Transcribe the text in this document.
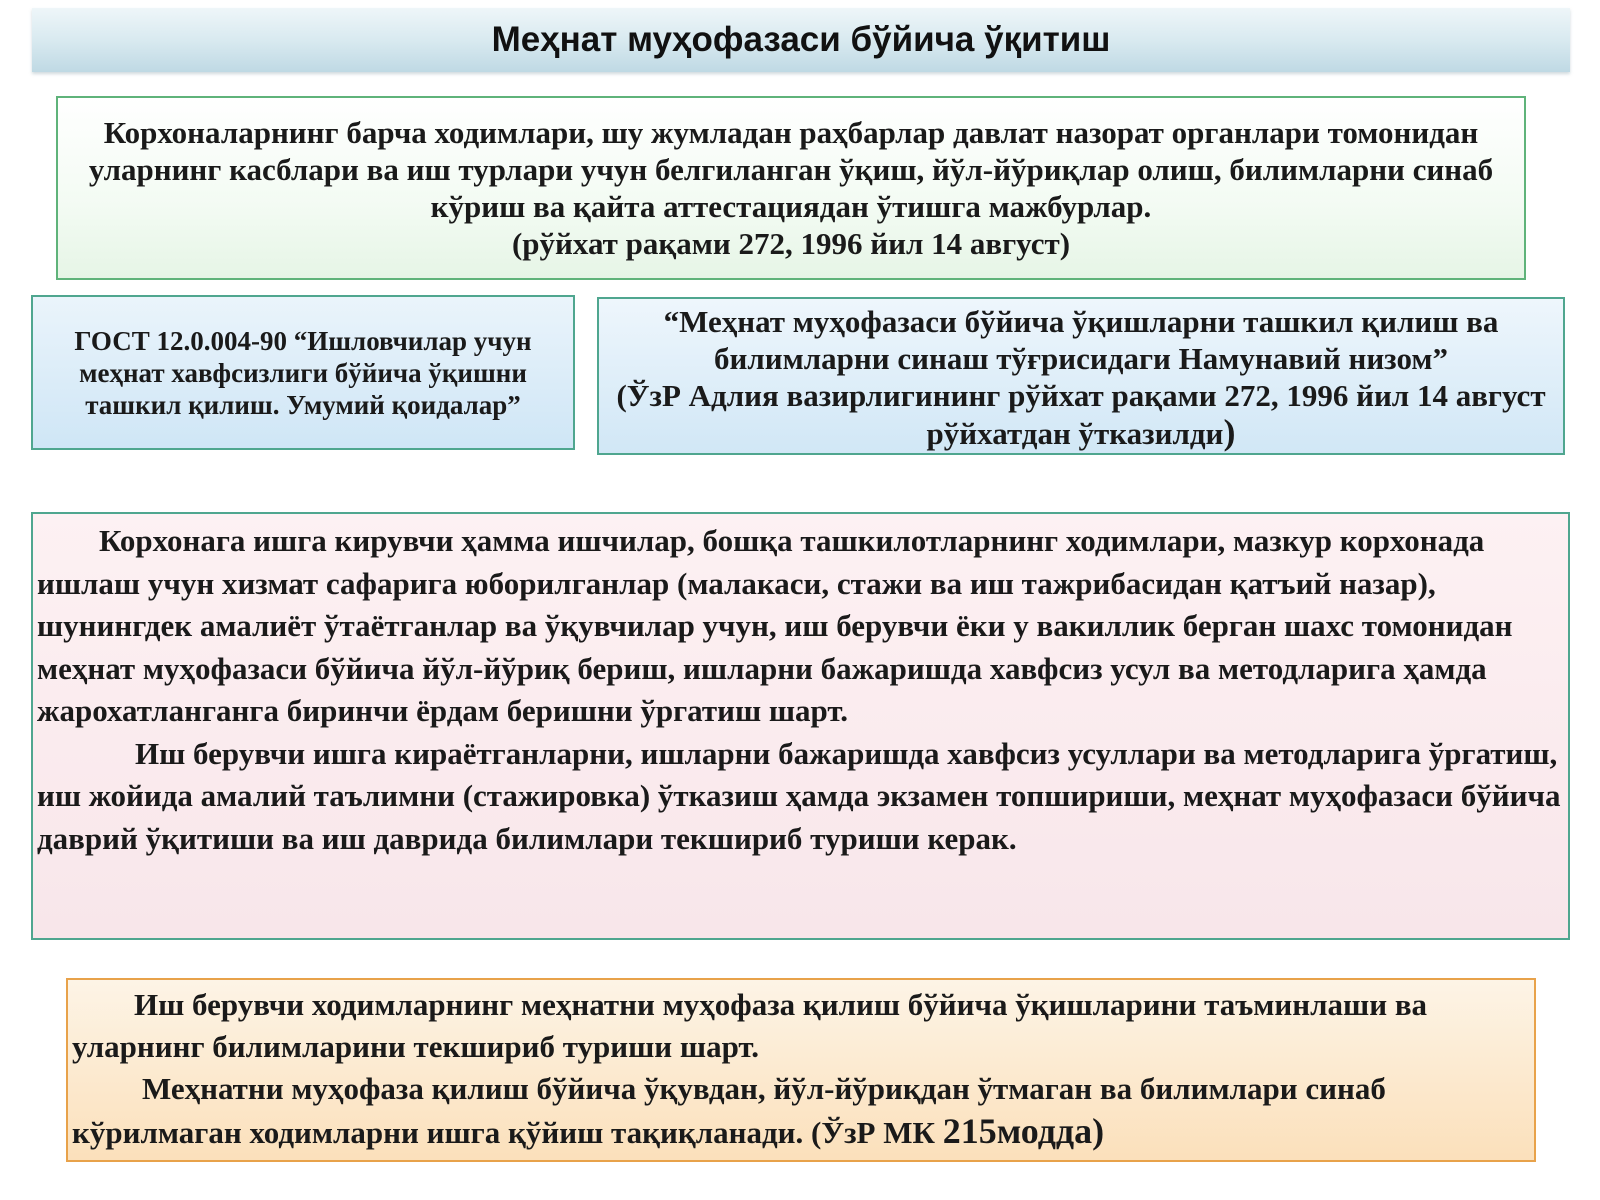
Меҳнат муҳофазаси бўйича ўқитиш

Корхоналарнинг барча ходимлари, шу жумладан раҳбарлар давлат назорат органлари томонидан уларнинг касблари ва иш турлари учун белгиланган ўқиш, йўл-йўриқлар олиш, билимларни синаб кўриш ва қайта аттестациядан ўтишга мажбурлар.

(рўйхат рақами 272, 1996 йил 14 август)

ГОСТ 12.0.004-90 “Ишловчилар учун меҳнат хавфсизлиги бўйича ўқишни ташкил қилиш. Умумий қоидалар”

“Меҳнат муҳофазаси бўйича ўқишларни ташкил қилиш ва билимларни синаш тўғрисидаги Намунавий низом”

(ЎзР Адлия вазирлигининг рўйхат рақами 272, 1996 йил 14 август рўйхатдан ўтказилди)

Корхонага ишга кирувчи ҳамма ишчилар, бошқа ташкилотларнинг ходимлари, мазкур корхонада ишлаш учун хизмат сафарига юборилганлар (малакаси, стажи ва иш тажрибасидан қатъий назар), шунингдек амалиёт ўтаётганлар ва ўқувчилар учун, иш берувчи ёки у вакиллик берган шахс томонидан меҳнат муҳофазаси бўйича йўл-йўриқ бериш, ишларни бажаришда хавфсиз усул ва методларига ҳамда жарохатланганга биринчи ёрдам беришни ўргатиш шарт.

Иш берувчи ишга кираётганларни, ишларни бажаришда хавфсиз усуллари ва методларига ўргатиш, иш жойида амалий таълимни (стажировка) ўтказиш ҳамда экзамен топшириши, меҳнат муҳофазаси бўйича даврий ўқитиши ва иш даврида билимлари текшириб туриши керак.

Иш берувчи ходимларнинг меҳнатни муҳофаза қилиш бўйича ўқишларини таъминлаши ва уларнинг билимларини текшириб туриши шарт.

Меҳнатни муҳофаза қилиш бўйича ўқувдан, йўл-йўриқдан ўтмаган ва билимлари синаб кўрилмаган ходимларни ишга қўйиш тақиқланади. (ЎзР МК 215модда)
